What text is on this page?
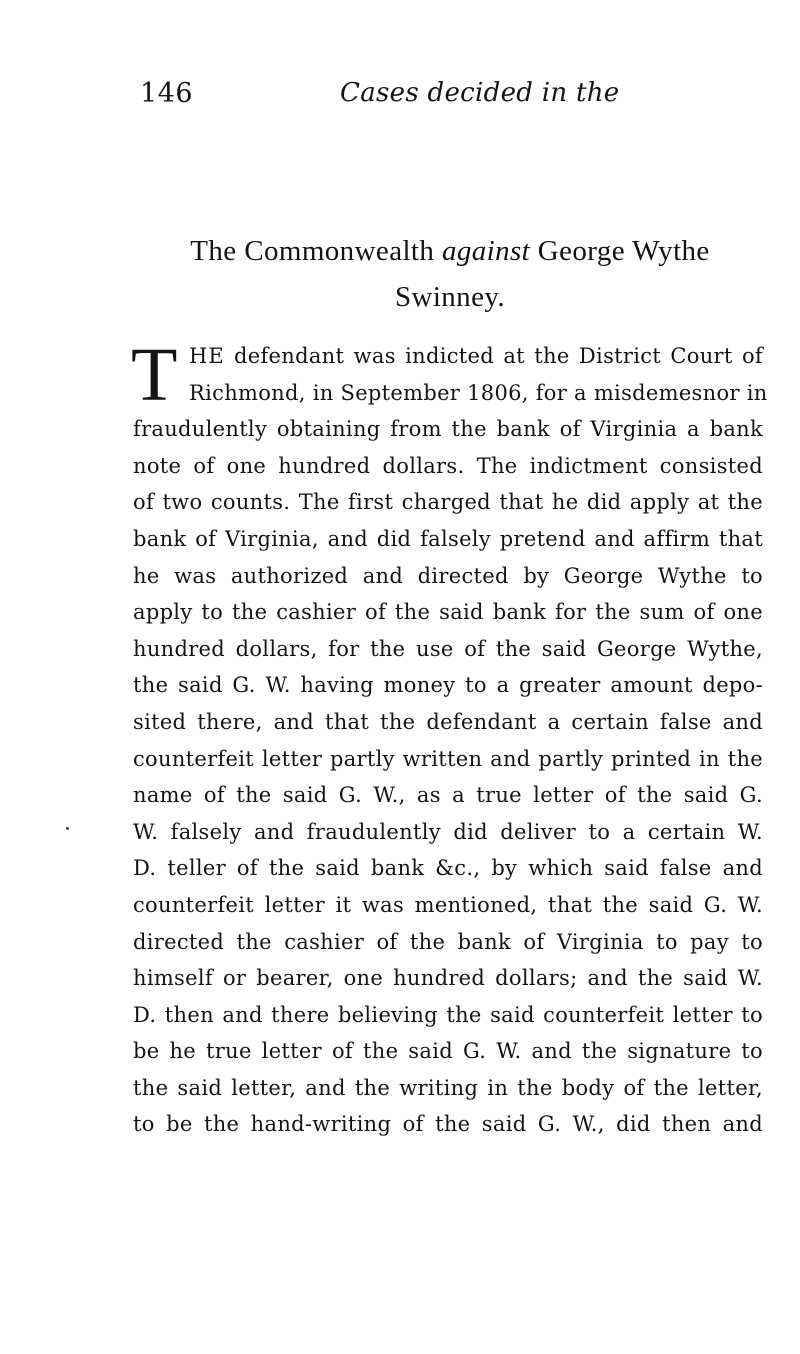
146	Cases decided in the
The Commonwealth against George Wythe
Swinney.
T HE defendant was indicted at the District Court of
Richmond, in September 1806, for a misdemesnor in
fraudulently obtaining from the bank of Virginia a bank
note of one hundred dollars. The indictment consisted
of two counts. The first charged that he did apply at the
bank of Virginia, and did falsely pretend and affirm that
he was authorized and directed by George Wythe to
apply to the cashier of the said bank for the sum of one
hundred dollars, for the use of the said George Wythe,
the said G. W. having money to a greater amount depo-
sited there, and that the defendant a certain false and
counterfeit letter partly written and partly printed in the
name of the said G. W., as a true letter of the said G.
W. falsely and fraudulently did deliver to a certain W.
D. teller of the said bank &c., by which said false and
counterfeit letter it was mentioned, that the said G. W.
directed the cashier of the bank of Virginia to pay to
himself or bearer, one hundred dollars; and the said W.
D. then and there believing the said counterfeit letter to
be he true letter of the said G. W. and the signature to
the said letter, and the writing in the body of the letter,
to be the hand-writing of the said G. W., did then and
